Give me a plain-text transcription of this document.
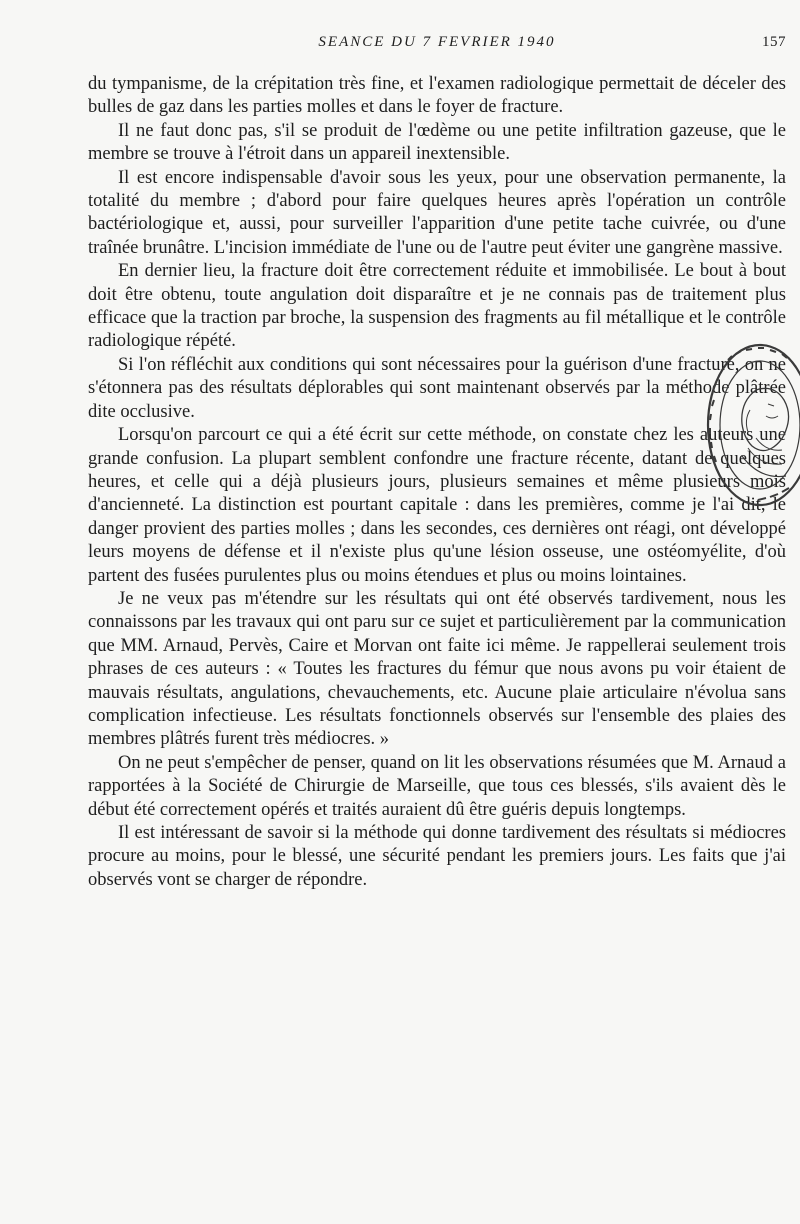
SEANCE DU 7 FEVRIER 1940	157

du tympanisme, de la crépitation très fine, et l'examen radiologique permettait de déceler des bulles de gaz dans les parties molles et dans le foyer de fracture.

Il ne faut donc pas, s'il se produit de l'œdème ou une petite infiltration gazeuse, que le membre se trouve à l'étroit dans un appareil inextensible.

Il est encore indispensable d'avoir sous les yeux, pour une observation permanente, la totalité du membre ; d'abord pour faire quelques heures après l'opération un contrôle bactériologique et, aussi, pour surveiller l'apparition d'une petite tache cuivrée, ou d'une traînée brunâtre. L'incision immédiate de l'une ou de l'autre peut éviter une gangrène massive.

En dernier lieu, la fracture doit être correctement réduite et immobilisée. Le bout à bout doit être obtenu, toute angulation doit disparaître et je ne connais pas de traitement plus efficace que la traction par broche, la suspension des fragments au fil métallique et le contrôle radiologique répété.

Si l'on réfléchit aux conditions qui sont nécessaires pour la guérison d'une fracture, on ne s'étonnera pas des résultats déplorables qui sont maintenant observés par la méthode plâtrée dite occlusive.

Lorsqu'on parcourt ce qui a été écrit sur cette méthode, on constate chez les auteurs une grande confusion. La plupart semblent confondre une fracture récente, datant de quelques heures, et celle qui a déjà plusieurs jours, plusieurs semaines et même plusieurs mois d'ancienneté. La distinction est pourtant capitale : dans les premières, comme je l'ai dit, le danger provient des parties molles ; dans les secondes, ces dernières ont réagi, ont développé leurs moyens de défense et il n'existe plus qu'une lésion osseuse, une ostéomyélite, d'où partent des fusées purulentes plus ou moins étendues et plus ou moins lointaines.

Je ne veux pas m'étendre sur les résultats qui ont été observés tardivement, nous les connaissons par les travaux qui ont paru sur ce sujet et particulièrement par la communication que MM. Arnaud, Pervès, Caire et Morvan ont faite ici même. Je rappellerai seulement trois phrases de ces auteurs : « Toutes les fractures du fémur que nous avons pu voir étaient de mauvais résultats, angulations, chevauchements, etc. Aucune plaie articulaire n'évolua sans complication infectieuse. Les résultats fonctionnels observés sur l'ensemble des plaies des membres plâtrés furent très médiocres. »

On ne peut s'empêcher de penser, quand on lit les observations résumées que M. Arnaud a rapportées à la Société de Chirurgie de Marseille, que tous ces blessés, s'ils avaient dès le début été correctement opérés et traités auraient dû être guéris depuis longtemps.

Il est intéressant de savoir si la méthode qui donne tardivement des résultats si médiocres procure au moins, pour le blessé, une sécurité pendant les premiers jours. Les faits que j'ai observés vont se charger de répondre.
